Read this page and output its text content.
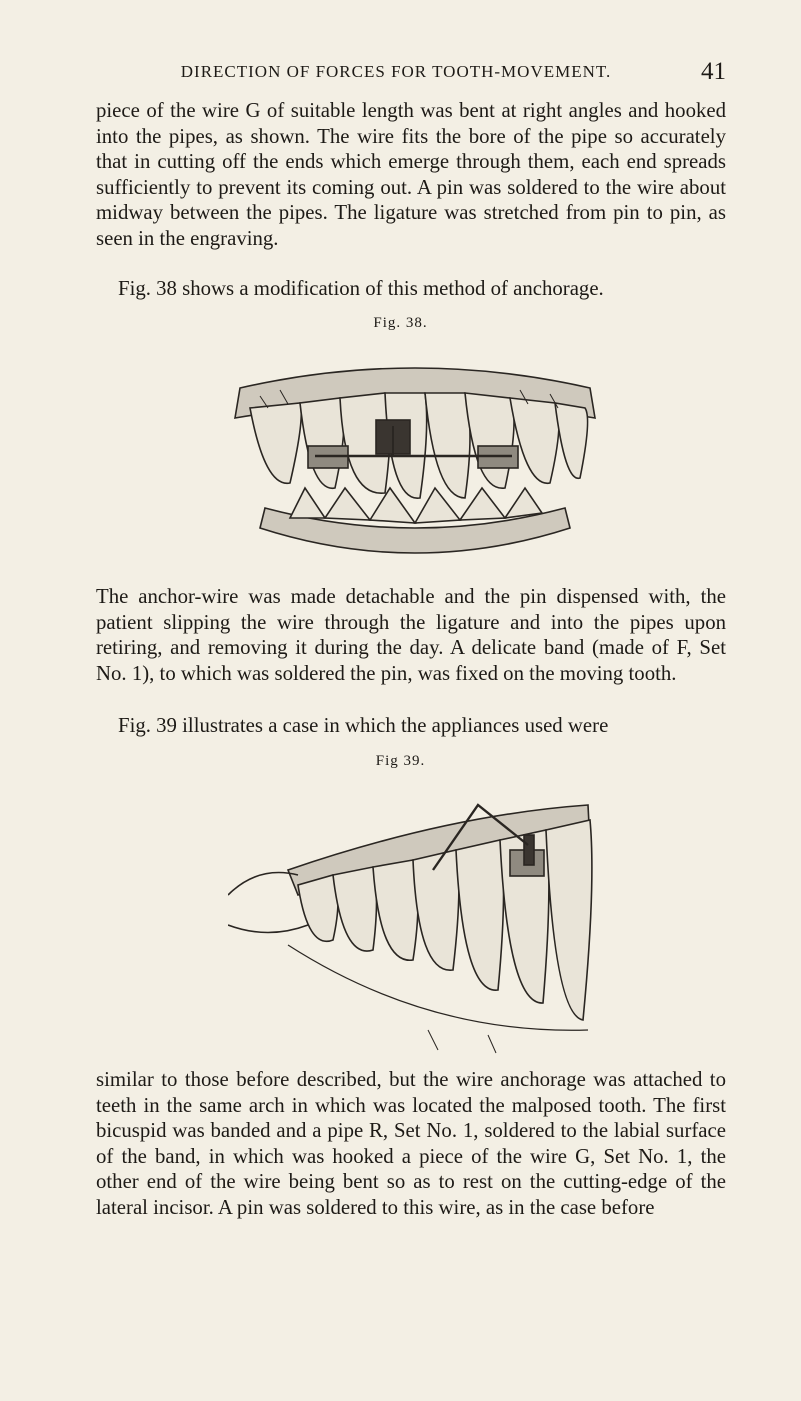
DIRECTION OF FORCES FOR TOOTH-MOVEMENT.	41

piece of the wire G of suitable length was bent at right angles and hooked into the pipes, as shown. The wire fits the bore of the pipe so accurately that in cutting off the ends which emerge through them, each end spreads sufficiently to prevent its coming out. A pin was soldered to the wire about midway between the pipes. The ligature was stretched from pin to pin, as seen in the engraving.

Fig. 38 shows a modification of this method of anchorage.

Fig. 38.

The anchor-wire was made detachable and the pin dispensed with, the patient slipping the wire through the ligature and into the pipes upon retiring, and removing it during the day. A delicate band (made of F, Set No. 1), to which was soldered the pin, was fixed on the moving tooth.

Fig. 39 illustrates a case in which the appliances used were

Fig 39.

similar to those before described, but the wire anchorage was attached to teeth in the same arch in which was located the malposed tooth. The first bicuspid was banded and a pipe R, Set No. 1, soldered to the labial surface of the band, in which was hooked a piece of the wire G, Set No. 1, the other end of the wire being bent so as to rest on the cutting-edge of the lateral incisor. A pin was soldered to this wire, as in the case before
